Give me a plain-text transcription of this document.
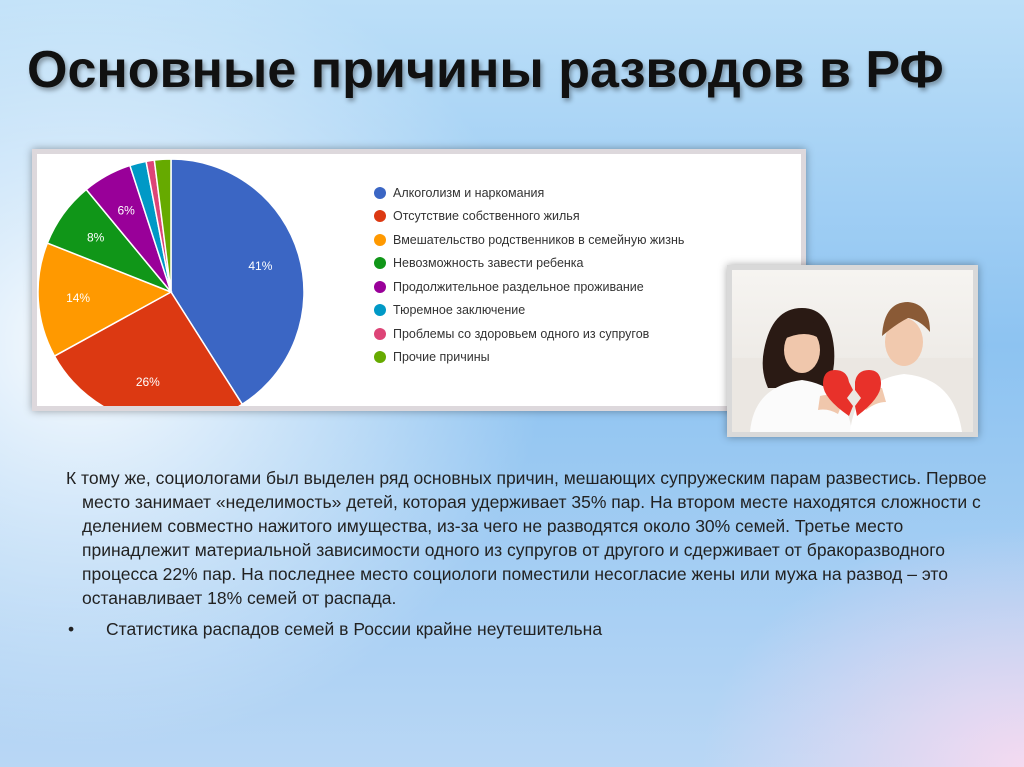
Основные причины разводов в РФ
41%
26%
14%
8%
6%
Алкоголизм и наркомания
Отсутствие собственного жилья
Вмешательство родственников в семейную жизнь
Невозможность завести ребенка
Продолжительное раздельное проживание
Тюремное заключение
Проблемы со здоровьем одного из супругов
Прочие причины

К тому же, социологами был выделен ряд основных причин, мешающих супружеским парам развестись. Первое место занимает «неделимость» детей, которая удерживает 35% пар. На втором месте находятся сложности с делением совместно нажитого имущества, из-за чего не разводятся около 30% семей. Третье место принадлежит материальной зависимости одного из супругов от другого и сдерживает от бракоразводного процесса 22% пар. На последнее место социологи поместили несогласие жены или мужа на развод – это останавливает 18% семей от распада.

•	Статистика распадов семей в России крайне неутешительна
